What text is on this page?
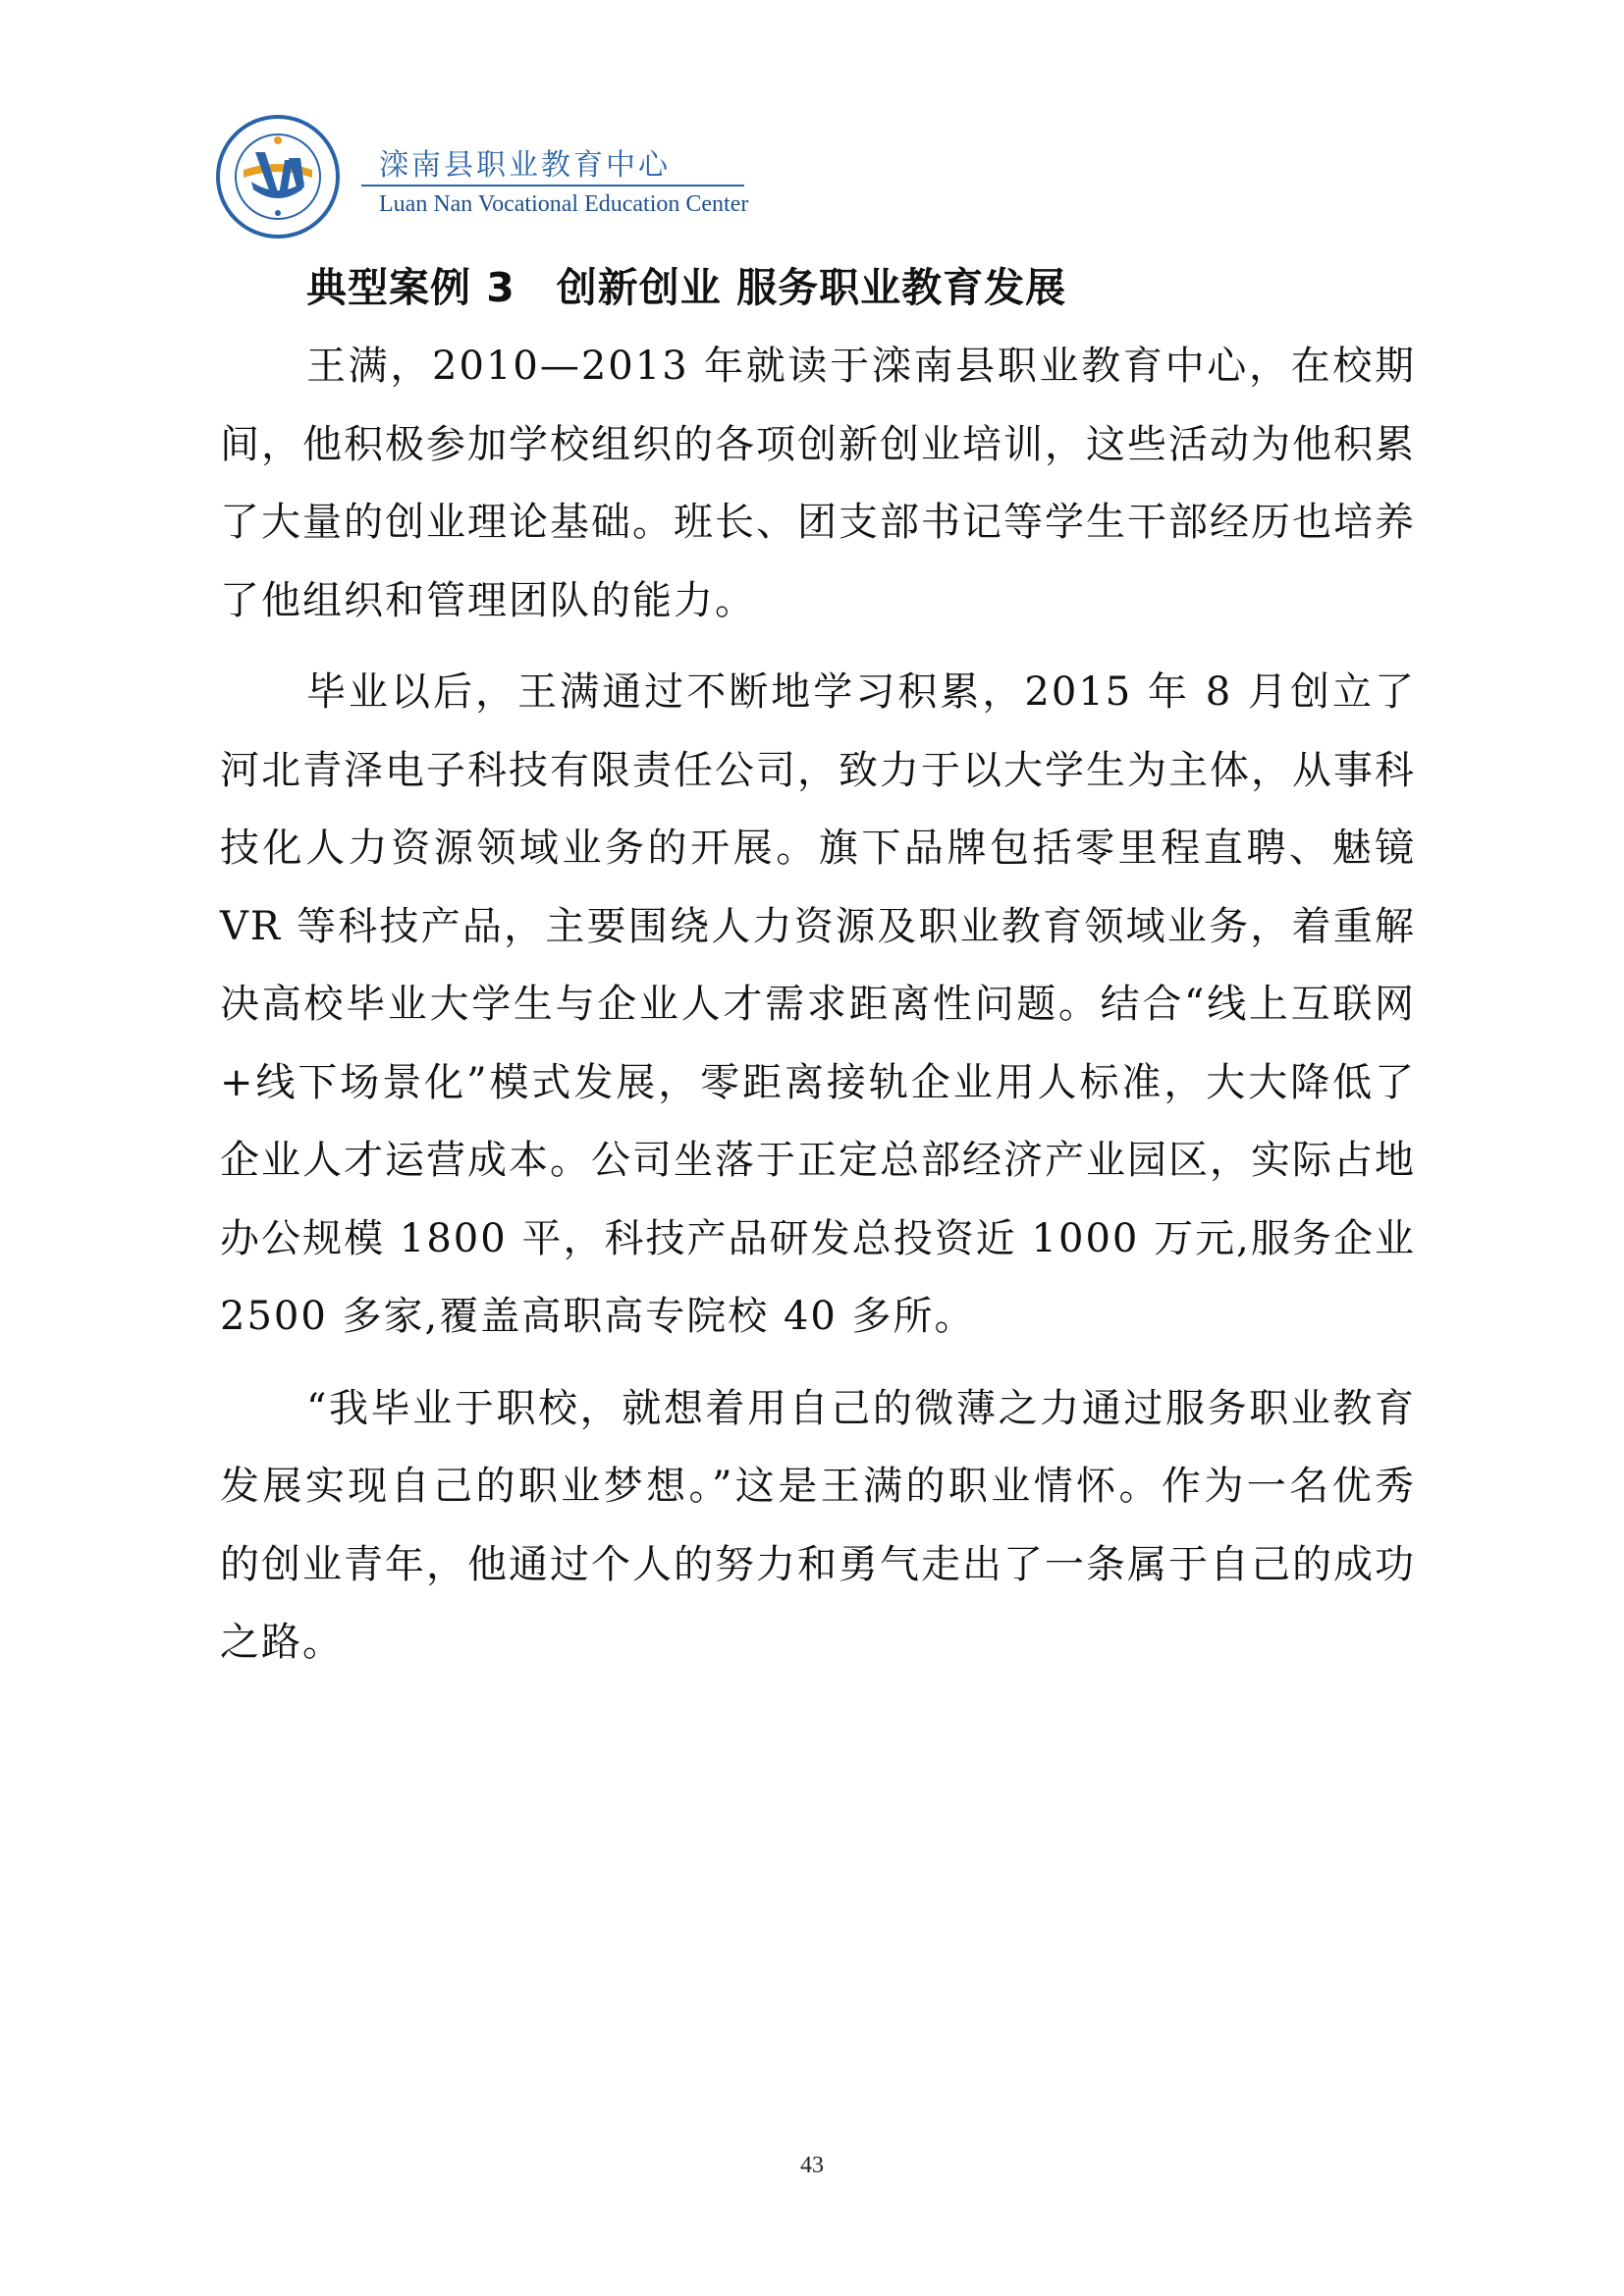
滦南县职业教育中心
Luan Nan Vocational Education Center
典型案例 3　创新创业 服务职业教育发展

王满，2010—2013 年就读于滦南县职业教育中心，在校期间，他积极参加学校组织的各项创新创业培训，这些活动为他积累了大量的创业理论基础。班长、团支部书记等学生干部经历也培养了他组织和管理团队的能力。

毕业以后，王满通过不断地学习积累，2015 年 8 月创立了河北青泽电子科技有限责任公司，致力于以大学生为主体，从事科技化人力资源领域业务的开展。旗下品牌包括零里程直聘、魅镜 VR 等科技产品，主要围绕人力资源及职业教育领域业务，着重解决高校毕业大学生与企业人才需求距离性问题。结合“线上互联网+线下场景化”模式发展，零距离接轨企业用人标准，大大降低了企业人才运营成本。公司坐落于正定总部经济产业园区，实际占地办公规模 1800 平，科技产品研发总投资近 1000 万元,服务企业 2500 多家,覆盖高职高专院校 40 多所。

“我毕业于职校，就想着用自己的微薄之力通过服务职业教育发展实现自己的职业梦想。”这是王满的职业情怀。作为一名优秀的创业青年，他通过个人的努力和勇气走出了一条属于自己的成功之路。

43
